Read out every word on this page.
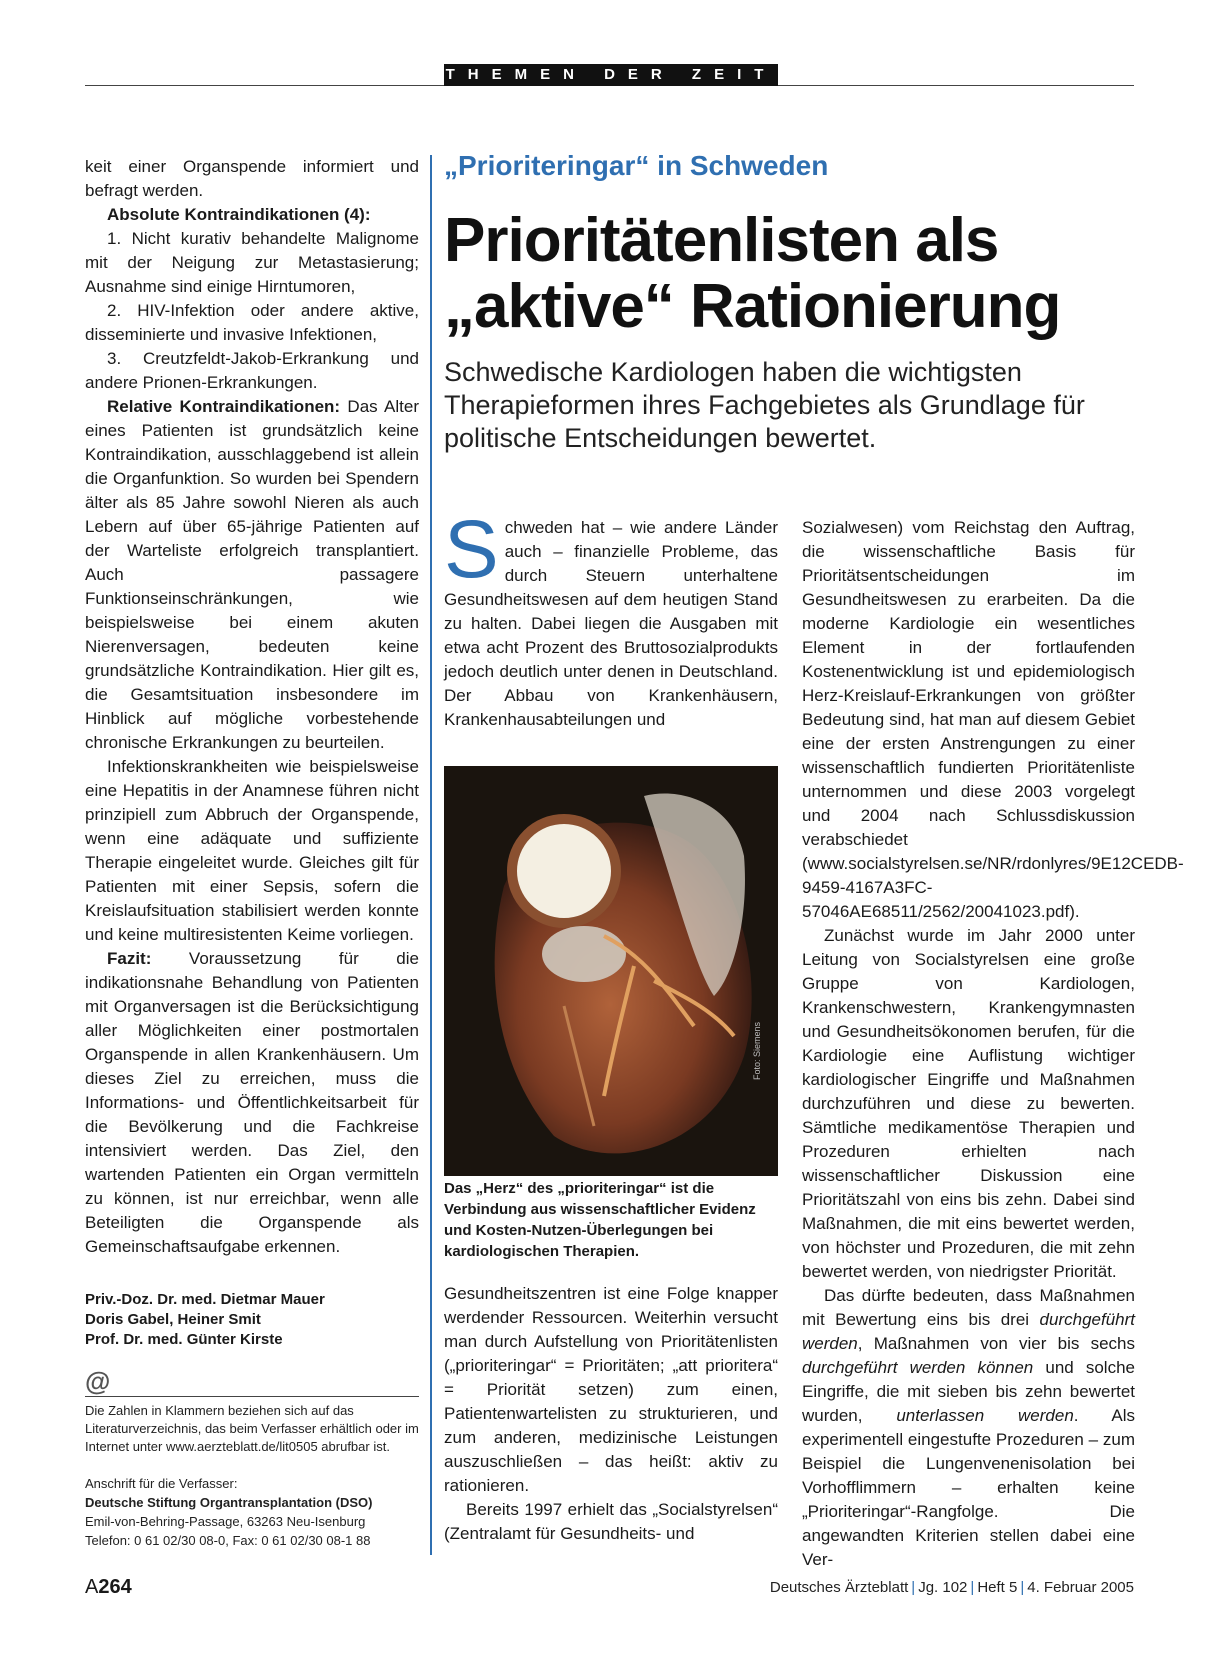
THEMEN DER ZEIT

keit einer Organspende informiert und befragt werden.

Absolute Kontraindikationen (4):

1. Nicht kurativ behandelte Malignome mit der Neigung zur Metastasierung; Ausnahme sind einige Hirntumoren,

2. HIV-Infektion oder andere aktive, disseminierte und invasive Infektionen,

3. Creutzfeldt-Jakob-Erkrankung und andere Prionen-Erkrankungen.

Relative Kontraindikationen: Das Alter eines Patienten ist grundsätzlich keine Kontraindikation, ausschlaggebend ist allein die Organfunktion. So wurden bei Spendern älter als 85 Jahre sowohl Nieren als auch Lebern auf über 65-jährige Patienten auf der Warteliste erfolgreich transplantiert. Auch passagere Funktionseinschränkungen, wie beispielsweise bei einem akuten Nierenversagen, bedeuten keine grundsätzliche Kontraindikation. Hier gilt es, die Gesamtsituation insbesondere im Hinblick auf mögliche vorbestehende chronische Erkrankungen zu beurteilen.

Infektionskrankheiten wie beispielsweise eine Hepatitis in der Anamnese führen nicht prinzipiell zum Abbruch der Organspende, wenn eine adäquate und suffiziente Therapie eingeleitet wurde. Gleiches gilt für Patienten mit einer Sepsis, sofern die Kreislaufsituation stabilisiert werden konnte und keine multiresistenten Keime vorliegen.

Fazit: Voraussetzung für die indikationsnahe Behandlung von Patienten mit Organversagen ist die Berücksichtigung aller Möglichkeiten einer postmortalen Organspende in allen Krankenhäusern. Um dieses Ziel zu erreichen, muss die Informations- und Öffentlichkeitsarbeit für die Bevölkerung und die Fachkreise intensiviert werden. Das Ziel, den wartenden Patienten ein Organ vermitteln zu können, ist nur erreichbar, wenn alle Beteiligten die Organspende als Gemeinschaftsaufgabe erkennen.

Priv.-Doz. Dr. med. Dietmar Mauer
Doris Gabel, Heiner Smit
Prof. Dr. med. Günter Kirste
@
Die Zahlen in Klammern beziehen sich auf das Literaturverzeichnis, das beim Verfasser erhältlich oder im Internet unter www.aerzteblatt.de/lit0505 abrufbar ist.
Anschrift für die Verfasser:
Deutsche Stiftung Organtransplantation (DSO)
Emil-von-Behring-Passage, 63263 Neu-Isenburg
Telefon: 0 61 02/30 08-0, Fax: 0 61 02/30 08-1 88
„Prioriteringar“ in Schweden
Prioritätenlisten als „aktive“ Rationierung
Schwedische Kardiologen haben die wichtigsten Therapieformen ihres Fachgebietes als Grundlage für politische Entscheidungen bewertet.

Schweden hat – wie andere Länder auch – finanzielle Probleme, das durch Steuern unterhaltene Gesundheitswesen auf dem heutigen Stand zu halten. Dabei liegen die Ausgaben mit etwa acht Prozent des Bruttosozialprodukts jedoch deutlich unter denen in Deutschland. Der Abbau von Krankenhäusern, Krankenhausabteilungen und

Foto: Siemens
Das „Herz“ des „prioriteringar“ ist die Verbindung aus wissenschaftlicher Evidenz und Kosten-Nutzen-Überlegungen bei kardiologischen Therapien.

Gesundheitszentren ist eine Folge knapper werdender Ressourcen. Weiterhin versucht man durch Aufstellung von Prioritätenlisten („prioriteringar“ = Prioritäten; „att prioritera“ = Priorität setzen) zum einen, Patientenwartelisten zu strukturieren, und zum anderen, medizinische Leistungen auszuschließen – das heißt: aktiv zu rationieren.

Bereits 1997 erhielt das „Socialstyrelsen“ (Zentralamt für Gesundheits- und

Sozialwesen) vom Reichstag den Auftrag, die wissenschaftliche Basis für Prioritätsentscheidungen im Gesundheitswesen zu erarbeiten. Da die moderne Kardiologie ein wesentliches Element in der fortlaufenden Kostenentwicklung ist und epidemiologisch Herz-Kreislauf-Erkrankungen von größter Bedeutung sind, hat man auf diesem Gebiet eine der ersten Anstrengungen zu einer wissenschaftlich fundierten Prioritätenliste unternommen und diese 2003 vorgelegt und 2004 nach Schlussdiskussion verabschiedet (www.socialstyrelsen.se/NR/rdonlyres/9E12CEDB-9459-4167A3FC-57046AE68511/2562/20041023.pdf).

Zunächst wurde im Jahr 2000 unter Leitung von Socialstyrelsen eine große Gruppe von Kardiologen, Krankenschwestern, Krankengymnasten und Gesundheitsökonomen berufen, für die Kardiologie eine Auflistung wichtiger kardiologischer Eingriffe und Maßnahmen durchzuführen und diese zu bewerten. Sämtliche medikamentöse Therapien und Prozeduren erhielten nach wissenschaftlicher Diskussion eine Prioritätszahl von eins bis zehn. Dabei sind Maßnahmen, die mit eins bewertet werden, von höchster und Prozeduren, die mit zehn bewertet werden, von niedrigster Priorität.

Das dürfte bedeuten, dass Maßnahmen mit Bewertung eins bis drei durchgeführt werden, Maßnahmen von vier bis sechs durchgeführt werden können und solche Eingriffe, die mit sieben bis zehn bewertet wurden, unterlassen werden. Als experimentell eingestufte Prozeduren – zum Beispiel die Lungenvenenisolation bei Vorhofflimmern – erhalten keine „Prioriteringar“-Rangfolge. Die angewandten Kriterien stellen dabei eine Ver-

A264	Deutsches Ärzteblatt | Jg. 102 | Heft 5 | 4. Februar 2005
